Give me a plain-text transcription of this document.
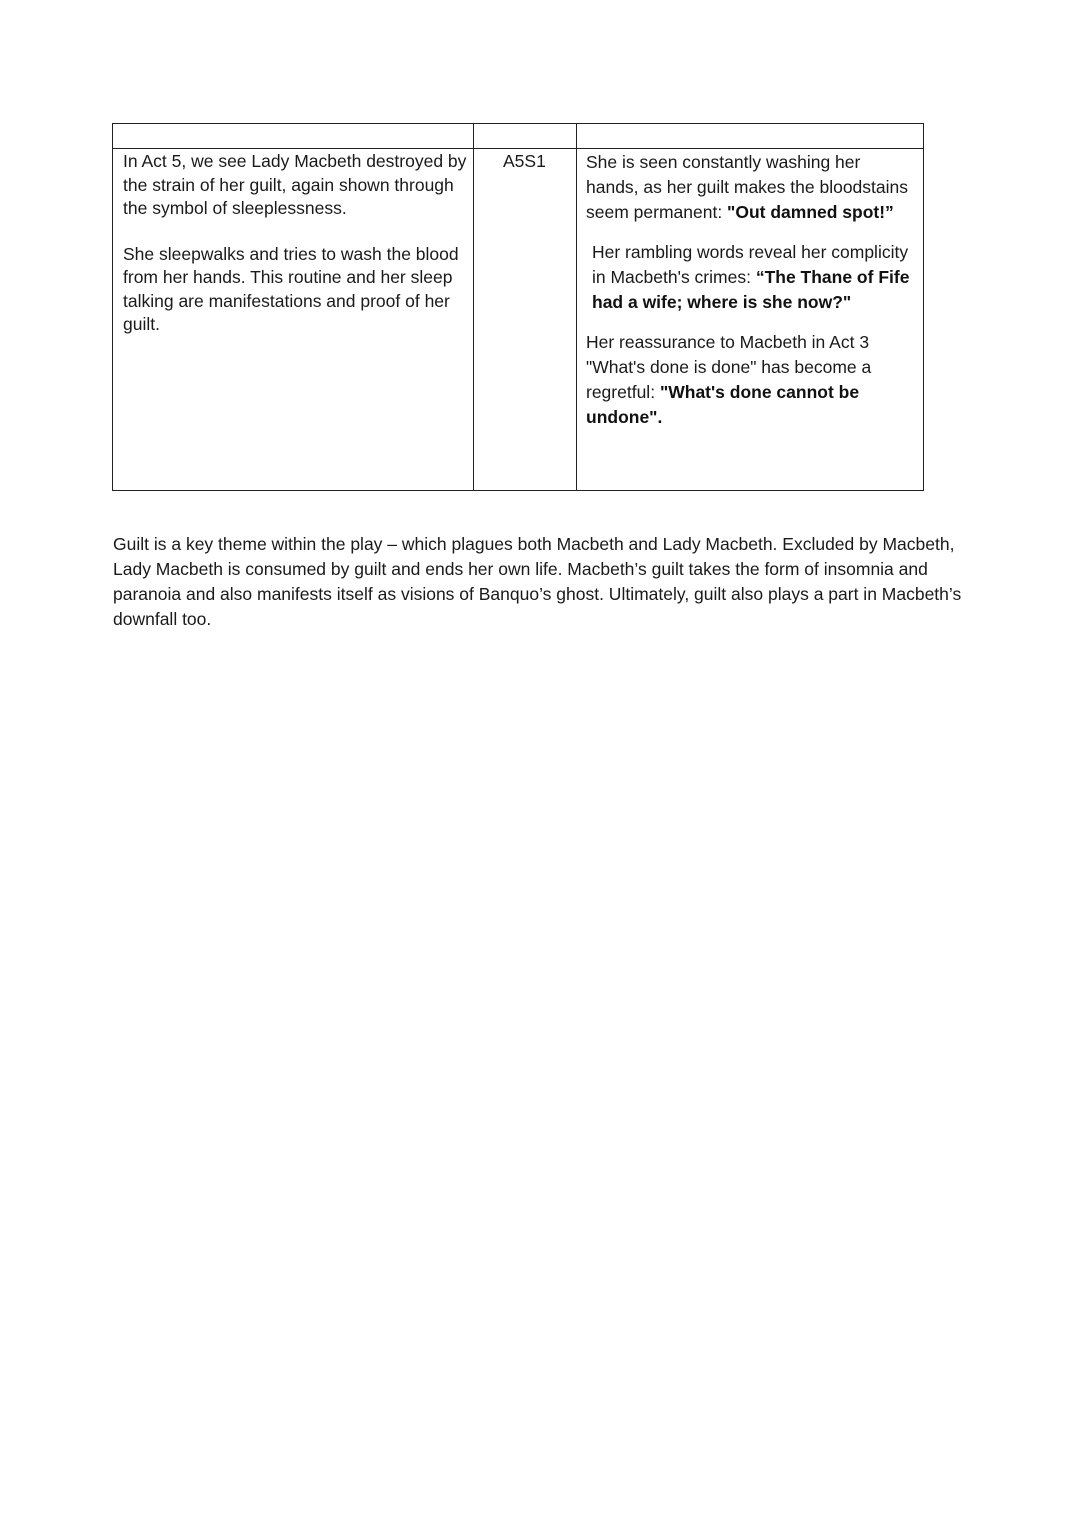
In Act 5, we see Lady Macbeth destroyed by the strain of her guilt, again shown through the symbol of sleeplessness.

She sleepwalks and tries to wash the blood from her hands. This routine and her sleep talking are manifestations and proof of her guilt.

A5S1	She is seen constantly washing her hands, as her guilt makes the bloodstains seem permanent: "Out damned spot!”

Her rambling words reveal her complicity in Macbeth's crimes: “The Thane of Fife had a wife; where is she now?"

Her reassurance to Macbeth in Act 3 "What's done is done" has become a regretful: "What's done cannot be undone".

Guilt is a key theme within the play – which plagues both Macbeth and Lady Macbeth. Excluded by Macbeth, Lady Macbeth is consumed by guilt and ends her own life. Macbeth’s guilt takes the form of insomnia and paranoia and also manifests itself as visions of Banquo’s ghost. Ultimately, guilt also plays a part in Macbeth’s downfall too.
